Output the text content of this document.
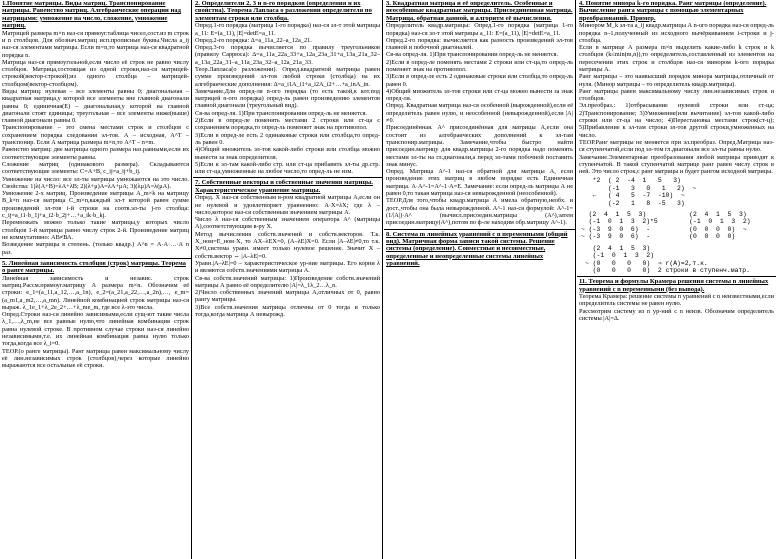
1.Понятие матрицы. Виды матриц. Транспонирование матрицы. Равенство матриц. Алгебраические операции над матрицами: умножение на число, сложение, умножение матриц.

Матрицей размера m×n наз-ся прямоуг.таблица чисел,сост.из m строк и n столбцов. Для обознач.матриц исп.прописные буквы.Числа а_ij наз-ся элементами матрицы. Если m=n,то матрица наз-ся квадратной порядка n.

Матрица наз-ся прямоугольной,если число её строк не равно числу столбцов. Матрица,состоящая из одной строки,наз-ся матрицей-строкой(вектор-строкой);из одного столбца – матрицей-столбцом(вектор-столбцом).

Виды матриц: нулевая – все элементы равны 0; диагональная – квадратная матрица,у которой все элементы вне главной диагонали равны 0; единичная(E) – диагональная,у которой на главной диагонали стоят единицы; треугольная – все элементы ниже(выше) главной диагонали равны 0.

Транспонирование – это смена местами строк и столбцов с сохранением порядка следования эл-тов. А – исходная, А^T – транспонир. Если А матрица размера m×n,то А^T – n×m.

Равенство матриц: две матрицы одного размера наз.равными,если их соответствующие элементы равны.

Сложение матриц (одинакового размера). Складываются соответствующие элементы: С=А+В, c_ij=a_ij+b_ij.

Умножение на число: все эл-ты матрицы умножаются на это число. Свойства: 1)λ(А+В)=λА+λВ; 2)(λ+μ)А=λА+μА; 3)(λμ)А=λ(μА).

Умножение 2-х матриц. Произведение матрицы А_m×k на матрицу В_k×n наз-ся матрица С_m×n,каждый эл-т которой равен сумме произведений эл-тов i-й строки на соотв.эл-ты j-го столбца: c_ij=a_i1·b_1j+a_i2·b_2j+…+a_ik·b_kj.

Перемножать можно только такие матрицы,у которых число столбцов 1-й матрицы равно числу строк 2-й. Произведение матриц не коммутативно: АВ≠ВА.

Возведение матрицы в степень. (только квадр.) А^n = А·А·…·А n раз.

5. Линейная зависимость столбцов (строк) матрицы. Теорема о ранге матрицы.

Линейная зависимость и независ. строк матриц.Рассм.прямоуг.матрицу А размера m×n. Обозначим её строки: e_1=(a_11,a_12,…,a_1n), e_2=(a_21,a_22,…,a_2n),…, e_m=(a_m1,a_m2,…,a_mn). Линейной комбинацией строк матрицы наз-ся выраж. λ_1e_1+λ_2e_2+…+λ_me_m, где все λ-это числа.

Опред.Строки наз-ся линейно зависимыми,если сущ-ют такие числа λ_1,…,λ_m,не все равные нулю,что линейная комбинация строк равна нулевой строке. В противном случае строки наз-ся линейно независимыми,т.е. их линейная комбинация равна нулю только тогда,когда все λ_i=0.

ТЕОР.(о ранге матрицы). Ранг матрицы равен максимальному числу её лин.независимых строк (столбцов),через которые линейно выражаются все остальные её строки.

2. Определители 2, 3 и n-го порядков (определения и их свойства). Теорема Лапласа о разложении определителя по элементам строки или столбца.

Опред.1-го порядка (матрица 1-го порядка) наз-ся эл-т этой матрицы а_11: Е=(а_11), |Е|=detЕ=а_11.

Опред.2-го порядка: Δ=а_11а_22–а_12а_21.

Опред.3-го порядка вычисляется по правилу треугольников (правилу Саррюса): Δ=a_11a_22a_33+a_12a_23a_31+a_13a_21a_32–a_13a_22a_31–a_11a_23a_32–a_12a_21a_33.

Теор.Лапласа(о разложении). Опред.квадратной матрицы равен сумме произведений эл-тов любой строки (столбца) на их алгебраические дополнения: Δ=a_i1A_i1+a_i2A_i2+…+a_inA_in.

Замечание.Для опред-ля n-ого порядка (то есть такой,к кот.под матрицей n-ого порядка) опред-ль равен произведению элементов главной диагонали (треугольный вид).

Св-ва опред-ля. 1)При транспонировании опред-ль не меняется.

2)Если в опред-ле поменять местами 2 строки или ст-ца с сохранением порядка,то опред-ль поменяет знак на противопол.

3)Если в опред-ле есть 2 одинаковые строки или столбца,то опред-ль равен 0.

4)Общий множитель эл-тов какой-либо строки или столбца можно вынести за знак определителя.

5)Если к эл-там какой-либо стр. или ст-ца прибавить эл-ты др.стр. или ст-ца,умноженные на любое число,то опред-ль не изм.

7. Собственные векторы и собственные значения матрицы. Характеристическое уравнение матрицы.

Опред. Х наз-ся собственным в-ром квадратной матрицы А,если он не нулевой и удовлетворяет уравнению: А·Х=λХ; где λ – число,которое наз-ся собственным значением матрицы А.

Число λ наз-ся собственным значением оператора А^ (матрицы А),соответствующим в-ру Х.

Метод вычисления собств.значений и собств.векторов. Т.к. Х_ном=Е_ном·Х, то АХ–λЕХ=0, (А–λЕ)Х=0. Если |А–λЕ|≠0,то т.к. Х≠0,система уравн. имеет только нулевое решение. Значит Х – собств.вектор ⇔ |А–λЕ|=0.

Уравн.|А–λЕ|=0 – характеристическое ур-ние матрицы. Его корни λ и являются собств.значениями матрицы А.

Св-ва собств.значений матрицы: 1)Произведение собств.значений матрицы А равно её определителю |А|=λ_1λ_2…λ_n.

2)Число собственных значений матрицы А,отличных от 0, равно рангу матрицы.

3)Все собств.значения матрицы отличны от 0 тогда и только тогда,когда матрица А невырожд.

3. Квадратная матрица и её определитель. Особенные и неособенные квадратные матрицы. Присоединенная матрица. Матрица, обратная данной, и алгоритм её вычисления.

Определитель квадр.матрицы: Опред.1-го порядка (матрица 1-го порядка) наз-ся эл-т этой матрицы а_11: Е=(а_11), |Е|=detЕ=а_11.

Опред.2-го порядка: вычисляется как разность произведений эл-тов главной и побочной диагоналей.

Св-ва опред-ля. 1)При транспонировании опред-ль не меняется.

2)Если в опред-ле поменять местами 2 строки или ст-ца,то опред-ль поменяет знак на противопол.

3)Если в опред-ле есть 2 одинаковые строки или столбца,то опред-ль равен 0.

4)Общий множитель эл-тов строки или ст-ца можно вынести за знак опред-ля.

Опред. Квадратная матрица наз-ся особенной (вырожденной),если её определитель равен нулю, и неособенной (невырожденной),если |А|≠0.

Присоединённая. А^ присоединённая для матрицы А,если она состоит из алгебраических дополнений к эл-там транспонир.матрицы. Замечание,чтобы быстро найти присоедин.матрицу для квадр.матрицы 2-го порядка надо поменять местами эл-ты на гл.диагонали,а перед эл-тами побочной поставить знак минус.

Опред. Матрица А^-1 наз-ся обратной для матрицы А, если произведение этих матриц в любом порядке есть Единичная матрица. А·А^-1=А^-1·А=Е. Замечание: если опред-ль матрицы А не равен 0,то такая матрица наз-ся невырожденной (неособенной).

ТЕОР.Для того,чтобы квадр.матрица А имела обратную,необх. и дост.,чтобы она была невырожденной. А^-1 наз-ся формулой: А^-1=(1/|А|)·А^ (вычисл.присоедин.матрицы (А^),затем присоедин.матрицу(А^),потом по ф-ле находим обр.матрицу А^-1).

8. Система m линейных уравнений с n переменными (общий вид). Матричная форма записи такой системы. Решение системы (определение). Совместные и несовместные, определенные и неопределенные системы линейных уравнений.
4. Понятие минора k-го порядка. Ранг матрицы (определение). Вычисление ранга матрицы с помощью элементарных преобразований. Пример.

Минором M_k эл-та а_ij квадр.матрицы А n-ого порядка наз-ся опред-ль порядка n–1,полученный из исходного вычёркиванием i-строки и j-столбца.

Если в матрице А размера m×n выделить какие-либо k строк и k столбцов (k≤min(m,n)),то определитель,составленный из элементов на пересечении этих строк и столбцов наз-ся минором k-ого порядка матрицы А.

Ранг матрицы – это наивысший порядок минора матрицы,отличный от нуля. (Минор матрицы – то определитель квадр.матрицы).

Ранг матрицы равен максимальному числу лин.независимых строк и столбцов.

Эл.преобраз.: 1)отбрасывание нулевой строки или ст-ца; 2)Транспонирование; 3)Умножение(или вычитание) эл-тов какой-либо строки или ст-ца на число; 4)Перестановка местами строк(ст-ц); 5)Прибавление к эл-там строки эл-тов другой строки,умноженных на число.

ТЕОР.Ранг матрицы не меняется при эл.преобраз. Опред.Матрица наз-ся ступенчатой,если под эл-том гл.диагонали все эл-ты равны нулю.

Замечание.Элементарные преобразования любой матрицы приводят к ступенчатой. В такой ступенчатой матрице ранг равен числу строк в ней. Это число строк,с ранг матрицы и будет рангом исходной матрицы.

*2  ( 2  -4  1   5   3)
(-1   3   0   1   2)  ~
←   ( 4   5  -7  -10)  ~
(-2   1   8  -5   3)
(2  4  1  5  3)
(-1  0  1  3  2)*5
~ (-3  9  0  6)  -
~ (-3  9  0  6)  -
(2  4  1  5  3)
(-1  0  1  3  2)
(0  0  0  0)  ~
(0  0  0  0)
(2  4  1  5  3)
(-1  0  1  3  2)
~ (0   0   0   0)  ⇒ r(A)=2,т.к.
(0   0   0   0)  2 строки в ступенч.матр.
11. Теорема и формулы Крамера решения системы n линейных уравнений с n переменными (без вывода).

Теорема Крамера: решение системы n уравнений с n неизвестными,если определитель системы не равен нулю.

Рассмотрим систему из n ур-ний с n неизв. Обозначим определитель системы |А|=Δ.
